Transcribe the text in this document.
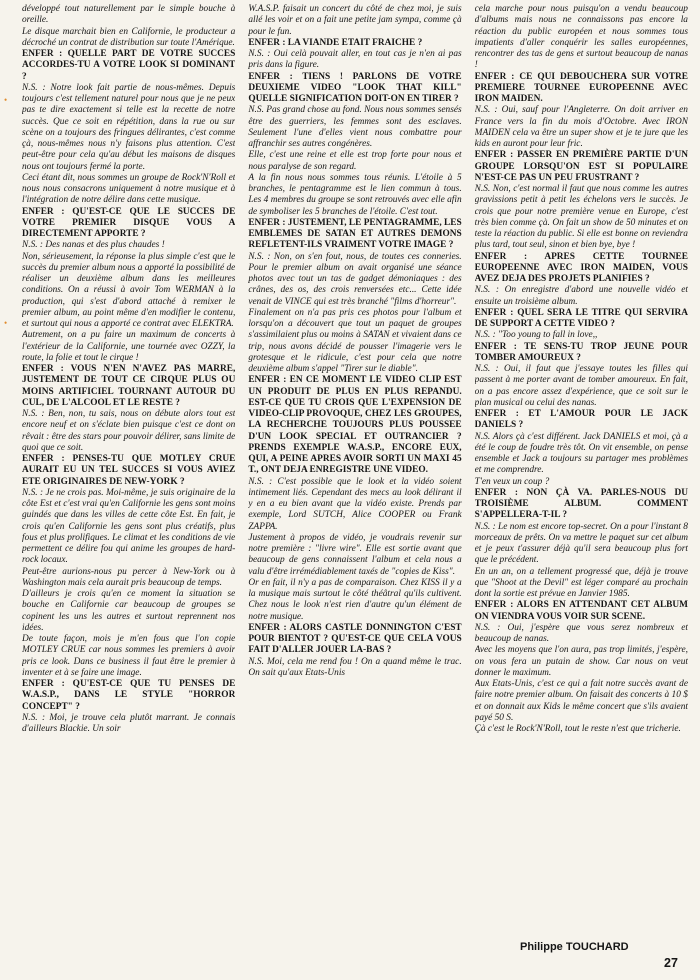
développé tout naturellement par le simple bouche à oreille.

Le disque marchait bien en Californie, le producteur a décroché un contrat de distribution sur toute l'Amérique.

ENFER : QUELLE PART DE VOTRE SUCCES ACCORDES-TU A VOTRE LOOK SI DOMINANT ?

N.S. : Notre look fait partie de nous-mêmes. Depuis toujours c'est tellement naturel pour nous que je ne peux pas te dire exactement si telle est la recette de notre succès. Que ce soit en répétition, dans la rue ou sur scène on a toujours des fringues délirantes, c'est comme çà, nous-mêmes nous n'y faisons plus attention. C'est peut-être pour cela qu'au début les maisons de disques nous ont toujours fermé la porte.

Ceci étant dit, nous sommes un groupe de Rock'N'Roll et nous nous consacrons uniquement à notre musique et à l'intégration de notre délire dans cette musique.

ENFER : QU'EST-CE QUE LE SUCCES DE VOTRE PREMIER DISQUE VOUS A DIRECTEMENT APPORTE ?

N.S. : Des nanas et des plus chaudes !

Non, sérieusement, la réponse la plus simple c'est que le succès du premier album nous a apporté la possibilité de réaliser un deuxième album dans les meilleures conditions. On a réussi à avoir Tom WERMAN à la production, qui s'est d'abord attaché à remixer le premier album, au point même d'en modifier le contenu, et surtout qui nous a apporté ce contrat avec ELEKTRA.

Autrement, on a pu faire un maximum de concerts à l'extérieur de la Californie, une tournée avec OZZY, la route, la folie et tout le cirque !

ENFER : VOUS N'EN N'AVEZ PAS MARRE, JUSTEMENT DE TOUT CE CIRQUE PLUS OU MOINS ARTIFICIEL TOURNANT AUTOUR DU CUL, DE L'ALCOOL ET LE RESTE ?

N.S. : Ben, non, tu sais, nous on débute alors tout est encore neuf et on s'éclate bien puisque c'est ce dont on rêvait : être des stars pour pouvoir délirer, sans limite de quoi que ce soit.

ENFER : PENSES-TU QUE MOTLEY CRUE AURAIT EU UN TEL SUCCES SI VOUS AVIEZ ETE ORIGINAIRES DE NEW-YORK ?

N.S. : Je ne crois pas. Moi-même, je suis originaire de la côte Est et c'est vrai qu'en Californie les gens sont moins guindés que dans les villes de cette côte Est. En fait, je crois qu'en Californie les gens sont plus créatifs, plus fous et plus prolifiques. Le climat et les conditions de vie permettent ce délire fou qui anime les groupes de hard-rock locaux.

Peut-être aurions-nous pu percer à New-York ou à Washington mais cela aurait pris beaucoup de temps.

D'ailleurs je crois qu'en ce moment la situation se bouche en Californie car beaucoup de groupes se copinent les uns les autres et surtout reprennent nos idées.

De toute façon, mois je m'en fous que l'on copie MOTLEY CRUE car nous sommes les premiers à avoir pris ce look. Dans ce business il faut être le premier à inventer et à se faire une image.

ENFER : QU'EST-CE QUE TU PENSES DE W.A.S.P., DANS LE STYLE "HORROR CONCEPT" ?

N.S. : Moi, je trouve cela plutôt marrant. Je connais d'ailleurs Blackie. Un soir

W.A.S.P. faisait un concert du côté de chez moi, je suis allé les voir et on a fait une petite jam sympa, comme çà pour le fun.

ENFER : LA VIANDE ETAIT FRAICHE ?

N.S. : Oui celà pouvait aller, en tout cas je n'en ai pas pris dans la figure.

ENFER : TIENS ! PARLONS DE VOTRE DEUXIEME VIDEO "LOOK THAT KILL" QUELLE SIGNIFICATION DOIT-ON EN TIRER ?

N.S. Pas grand chose au fond. Nous nous sommes sensés être des guerriers, les femmes sont des esclaves. Seulement l'une d'elles vient nous combattre pour affranchir ses autres congénères.

Elle, c'est une reine et elle est trop forte pour nous et nous paralyse de son regard.

A la fin nous nous sommes tous réunis. L'étoile à 5 branches, le pentagramme est le lien commun à tous. Les 4 membres du groupe se sont retrouvés avec elle afin de symboliser les 5 branches de l'étoile. C'est tout.

ENFER : JUSTEMENT, LE PENTAGRAMME, LES EMBLEMES DE SATAN ET AUTRES DEMONS REFLETENT-ILS VRAIMENT VOTRE IMAGE ?

N.S. : Non, on s'en fout, nous, de toutes ces conneries. Pour le premier album on avait organisé une séance photos avec tout un tas de gadget démoniaques : des crânes, des os, des crois renversées etc... Cette idée venait de VINCE qui est très branché "films d'horreur".

Finalement on n'a pas pris ces photos pour l'album et lorsqu'on a découvert que tout un paquet de groupes s'assimilaient plus ou moins à SATAN et vivaient dans ce trip, nous avons décidé de pousser l'imagerie vers le grotesque et le ridicule, c'est pour cela que notre deuxième album s'appel "Tirer sur le diable".

ENFER : EN CE MOMENT LE VIDEO CLIP EST UN PRODUIT DE PLUS EN PLUS REPANDU. EST-CE QUE TU CROIS QUE L'EXPENSION DE VIDEO-CLIP PROVOQUE, CHEZ LES GROUPES, LA RECHERCHE TOUJOURS PLUS POUSSEE D'UN LOOK SPECIAL ET OUTRANCIER ? PRENDS EXEMPLE W.A.S.P., ENCORE EUX, QUI, A PEINE APRES AVOIR SORTI UN MAXI 45 T., ONT DEJA ENREGISTRE UNE VIDEO.

N.S. : C'est possible que le look et la vidéo soient intimement liés. Cependant des mecs au look délirant il y en a eu bien avant que la vidéo existe. Prends par exemple, Lord SUTCH, Alice COOPER ou Frank ZAPPA.

Justement à propos de vidéo, je voudrais revenir sur notre première : "livre wire". Elle est sortie avant que beaucoup de gens connaissent l'album et cela nous a valu d'être irrémédiablement taxés de "copies de Kiss".

Or en fait, il n'y a pas de comparaison. Chez KISS il y a la musique mais surtout le côté théâtral qu'ils cultivent. Chez nous le look n'est rien d'autre qu'un élément de notre musique.

ENFER : ALORS CASTLE DONNINGTON C'EST POUR BIENTOT ? QU'EST-CE QUE CELA VOUS FAIT D'ALLER JOUER LA-BAS ?

N.S. Moi, cela me rend fou ! On a quand même le trac. On sait qu'aux Etats-Unis

cela marche pour nous puisqu'on a vendu beaucoup d'albums mais nous ne connaissons pas encore la réaction du public européen et nous sommes tous impatients d'aller conquérir les salles européennes, rencontrer des tas de gens et surtout beaucoup de nanas !

ENFER : CE QUI DEBOUCHERA SUR VOTRE PREMIERE TOURNEE EUROPEENNE AVEC IRON MAIDEN.

N.S. : Oui, sauf pour l'Angleterre. On doit arriver en France vers la fin du mois d'Octobre. Avec IRON MAIDEN cela va être un super show et je te jure que les kids en auront pour leur fric.

ENFER : PASSER EN PREMIÈRE PARTIE D'UN GROUPE LORSQU'ON EST SI POPULAIRE N'EST-CE PAS UN PEU FRUSTRANT ?

N.S. Non, c'est normal il faut que nous comme les autres gravissions petit à petit les échelons vers le succès. Je crois que pour notre première venue en Europe, c'est très bien comme çà. On fait un show de 50 minutes et on teste la réaction du public. Si elle est bonne on reviendra plus tard, tout seul, sinon et bien bye, bye !

ENFER : APRES CETTE TOURNEE EUROPEENNE AVEC IRON MAIDEN, VOUS AVEZ DEJA DES PROJETS PLANIFIES ?

N.S. : On enregistre d'abord une nouvelle vidéo et ensuite un troisième album.

ENFER : QUEL SERA LE TITRE QUI SERVIRA DE SUPPORT A CETTE VIDEO ?

N.S. : "Too young to fall in love,,

ENFER : TE SENS-TU TROP JEUNE POUR TOMBER AMOUREUX ?

N.S. : Oui, il faut que j'essaye toutes les filles qui passent à me porter avant de tomber amoureux. En fait, on a pas encore assez d'expérience, que ce soit sur le plan musical ou celui des nanas.

ENFER : ET L'AMOUR POUR LE JACK DANIELS ?

N.S. Alors çà c'est différent. Jack DANIELS et moi, çà a été le coup de foudre très tôt. On vit ensemble, on pense ensemble et Jack a toujours su partager mes problèmes et me comprendre.

T'en veux un coup ?

ENFER : NON ÇÀ VA. PARLES-NOUS DU TROISIÈME ALBUM. COMMENT S'APPELLERA-T-IL ?

N.S. : Le nom est encore top-secret. On a pour l'instant 8 morceaux de prêts. On va mettre le paquet sur cet album et je peux t'assurer déjà qu'il sera beaucoup plus fort que le précédent.

En un an, on a tellement progressé que, déjà je trouve que "Shoot at the Devil" est léger comparé au prochain dont la sortie est prévue en Janvier 1985.

ENFER : ALORS EN ATTENDANT CET ALBUM ON VIENDRA VOUS VOIR SUR SCENE.

N.S. : Oui, j'espère que vous serez nombreux et beaucoup de nanas.

Avec les moyens que l'on aura, pas trop limités, j'espère, on vous fera un putain de show. Car nous on veut donner le maximum.

Aux Etats-Unis, c'est ce qui a fait notre succès avant de faire notre premier album. On faisait des concerts à 10 $ et on donnait aux Kids le même concert que s'ils avaient payé 50 S.

Çà c'est le Rock'N'Roll, tout le reste n'est que tricherie.

Philippe TOUCHARD
27
•
•
